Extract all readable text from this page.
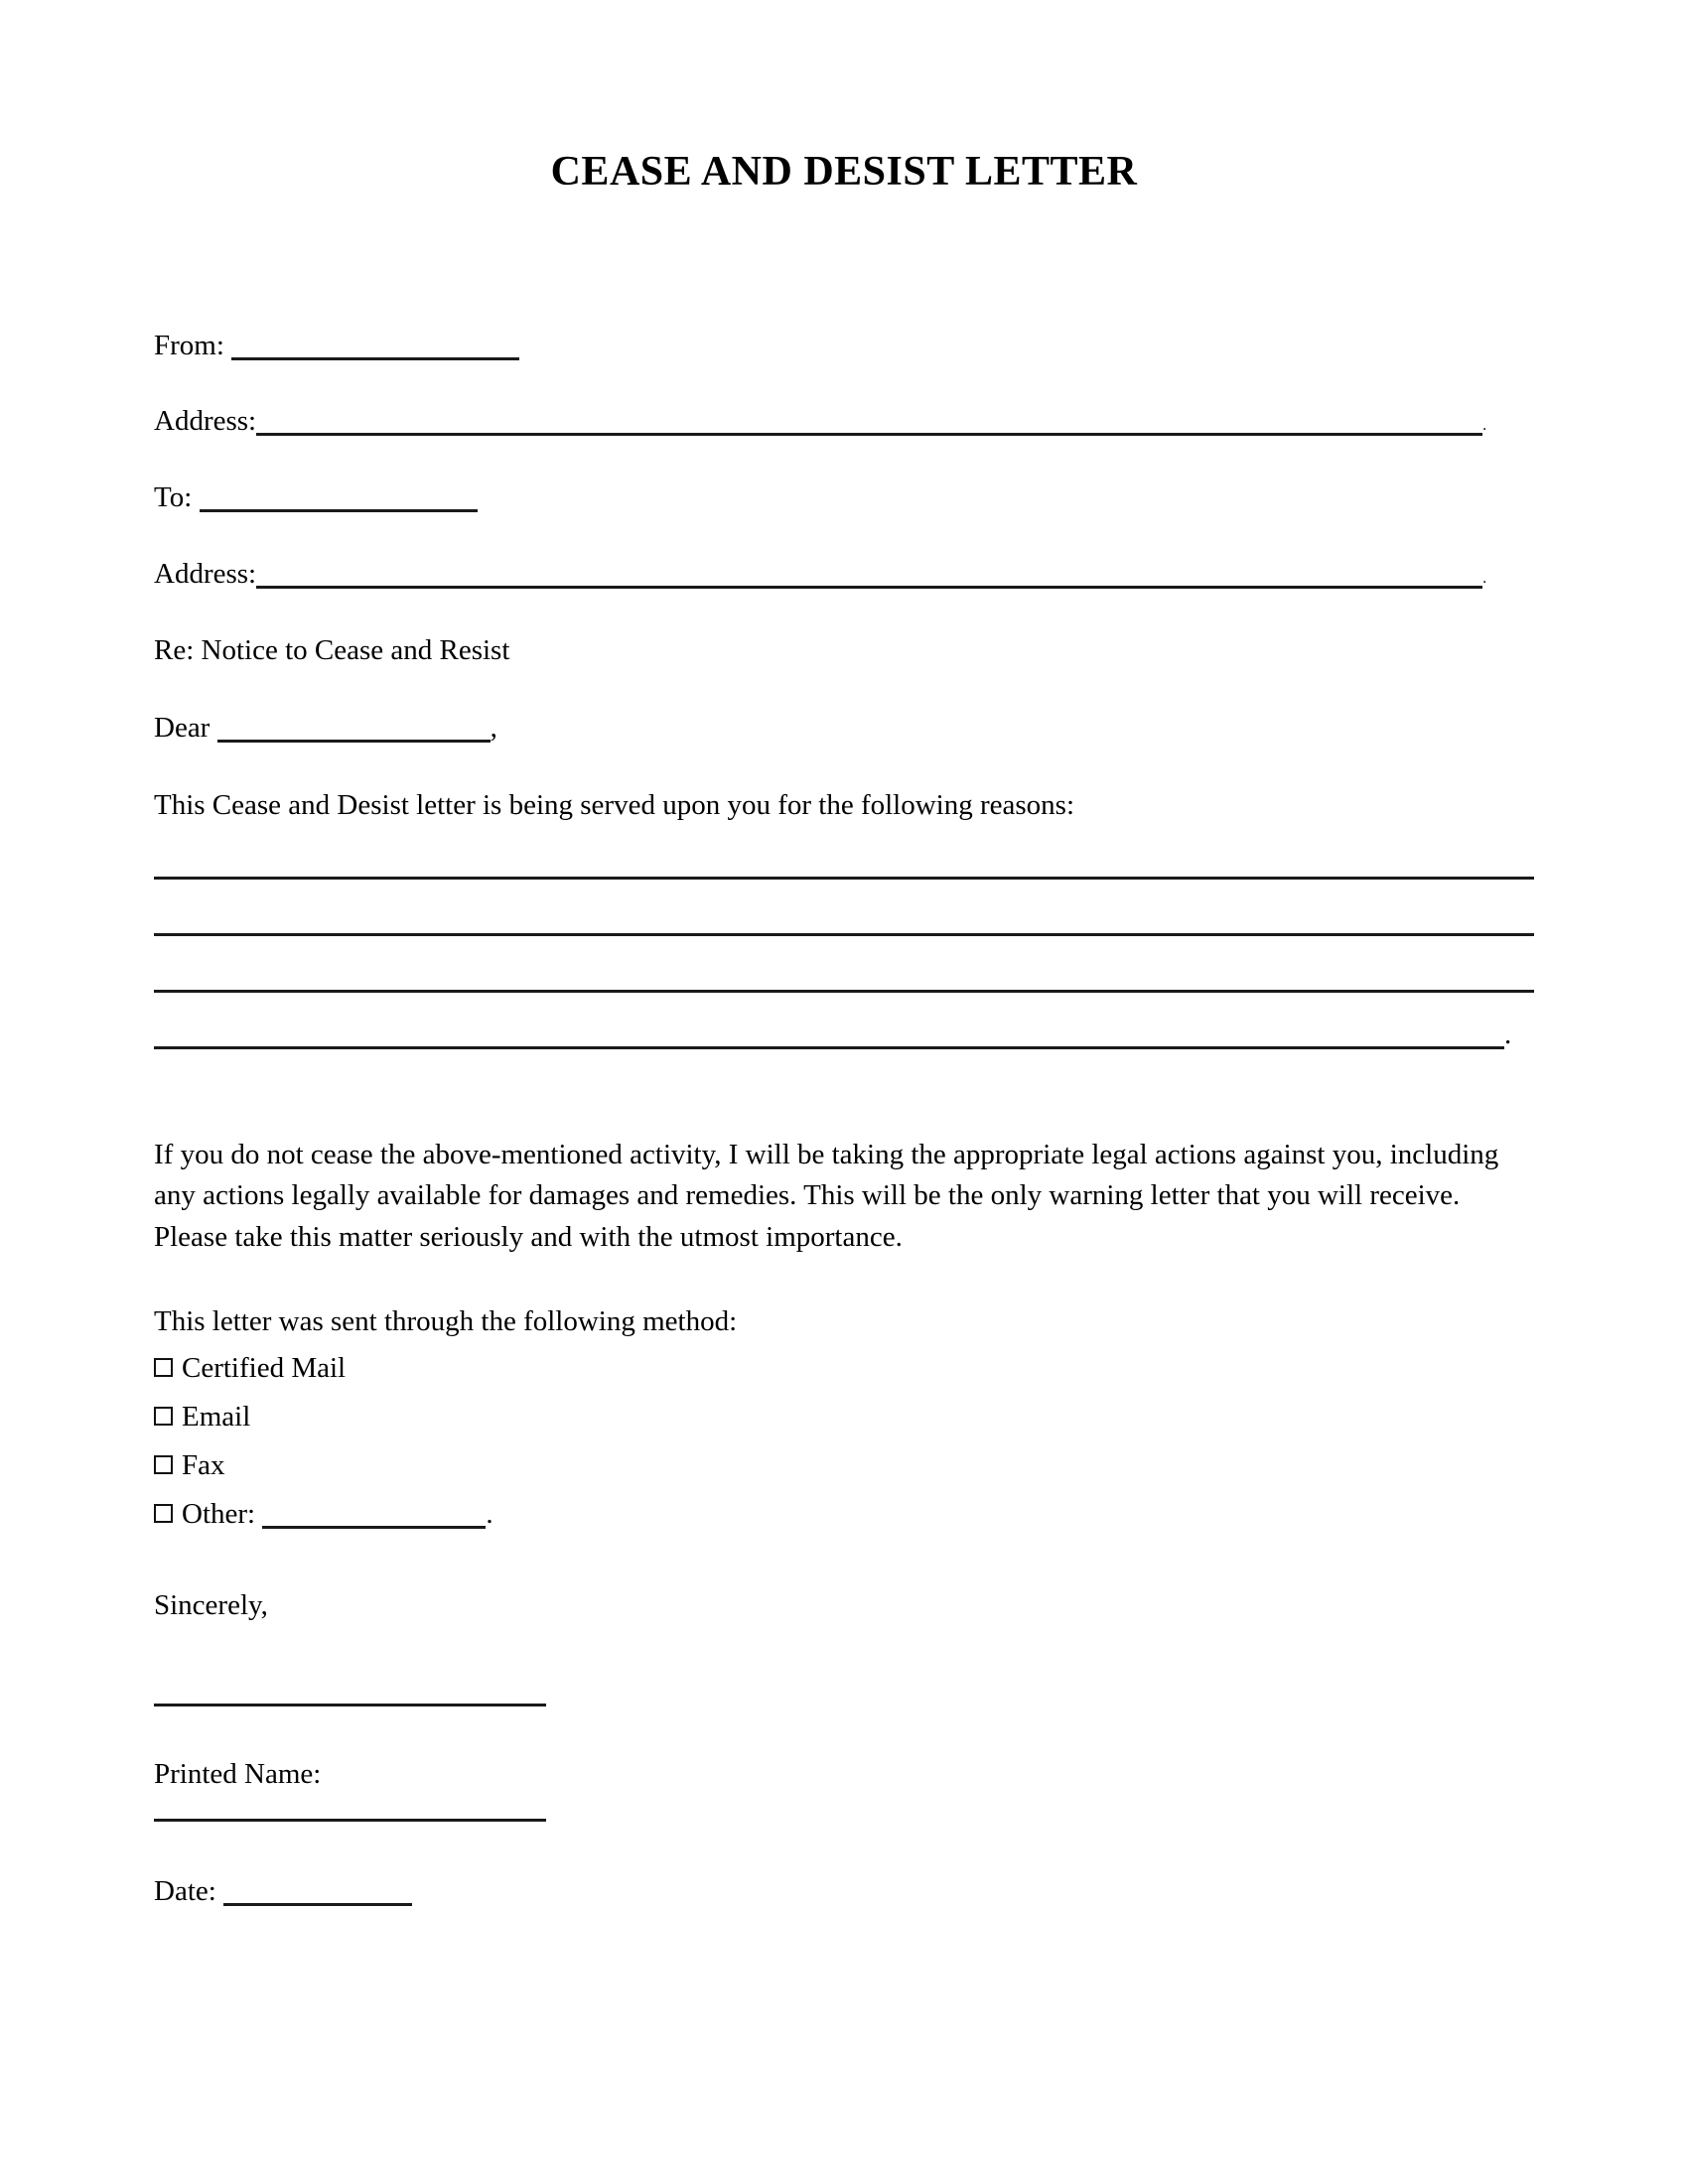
CEASE AND DESIST LETTER
From:
Address:	.
To:
Address:	.
Re: Notice to Cease and Resist
Dear	,
This Cease and Desist letter is being served upon you for the following reasons:
.

If you do not cease the above-mentioned activity, I will be taking the appropriate legal actions against you, including any actions legally available for damages and remedies. This will be the only warning letter that you will receive. Please take this matter seriously and with the utmost importance.

This letter was sent through the following method:
Certified Mail
Email
Fax
Other:	.
Sincerely,
Printed Name:
Date:
